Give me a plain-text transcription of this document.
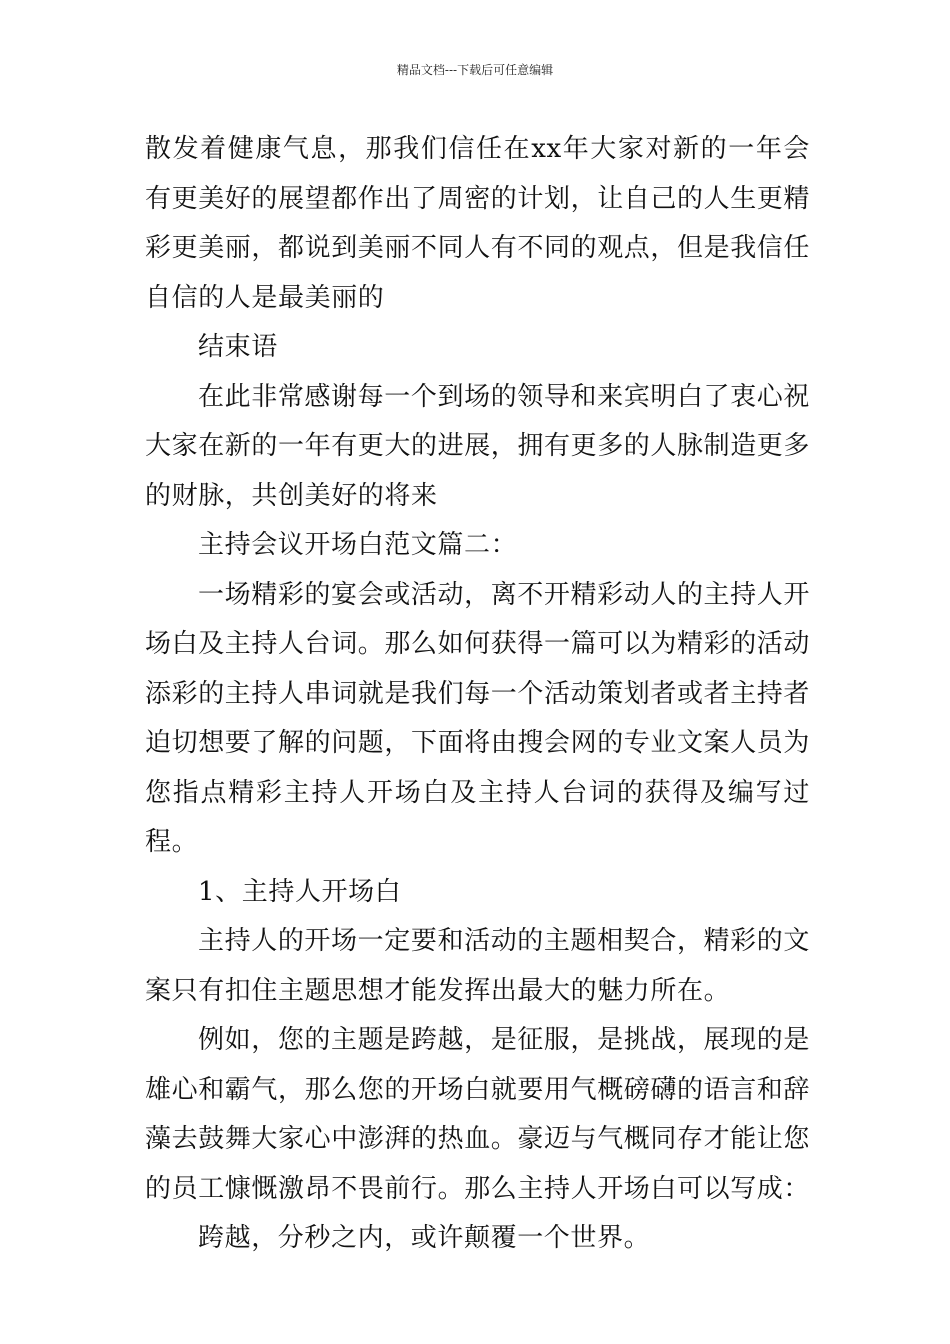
精品文档---下载后可任意编辑

散发着健康气息，那我们信任在xx年大家对新的一年会有更美好的展望都作出了周密的计划，让自己的人生更精彩更美丽，都说到美丽不同人有不同的观点，但是我信任自信的人是最美丽的

结束语

在此非常感谢每一个到场的领导和来宾明白了衷心祝大家在新的一年有更大的进展，拥有更多的人脉制造更多的财脉，共创美好的将来

主持会议开场白范文篇二：

一场精彩的宴会或活动，离不开精彩动人的主持人开场白及主持人台词。那么如何获得一篇可以为精彩的活动添彩的主持人串词就是我们每一个活动策划者或者主持者迫切想要了解的问题，下面将由搜会网的专业文案人员为您指点精彩主持人开场白及主持人台词的获得及编写过程。

1、主持人开场白

主持人的开场一定要和活动的主题相契合，精彩的文案只有扣住主题思想才能发挥出最大的魅力所在。

例如，您的主题是跨越，是征服，是挑战，展现的是雄心和霸气，那么您的开场白就要用气概磅礴的语言和辞藻去鼓舞大家心中澎湃的热血。豪迈与气概同存才能让您的员工慷慨激昂不畏前行。那么主持人开场白可以写成：

跨越，分秒之内，或许颠覆一个世界。
